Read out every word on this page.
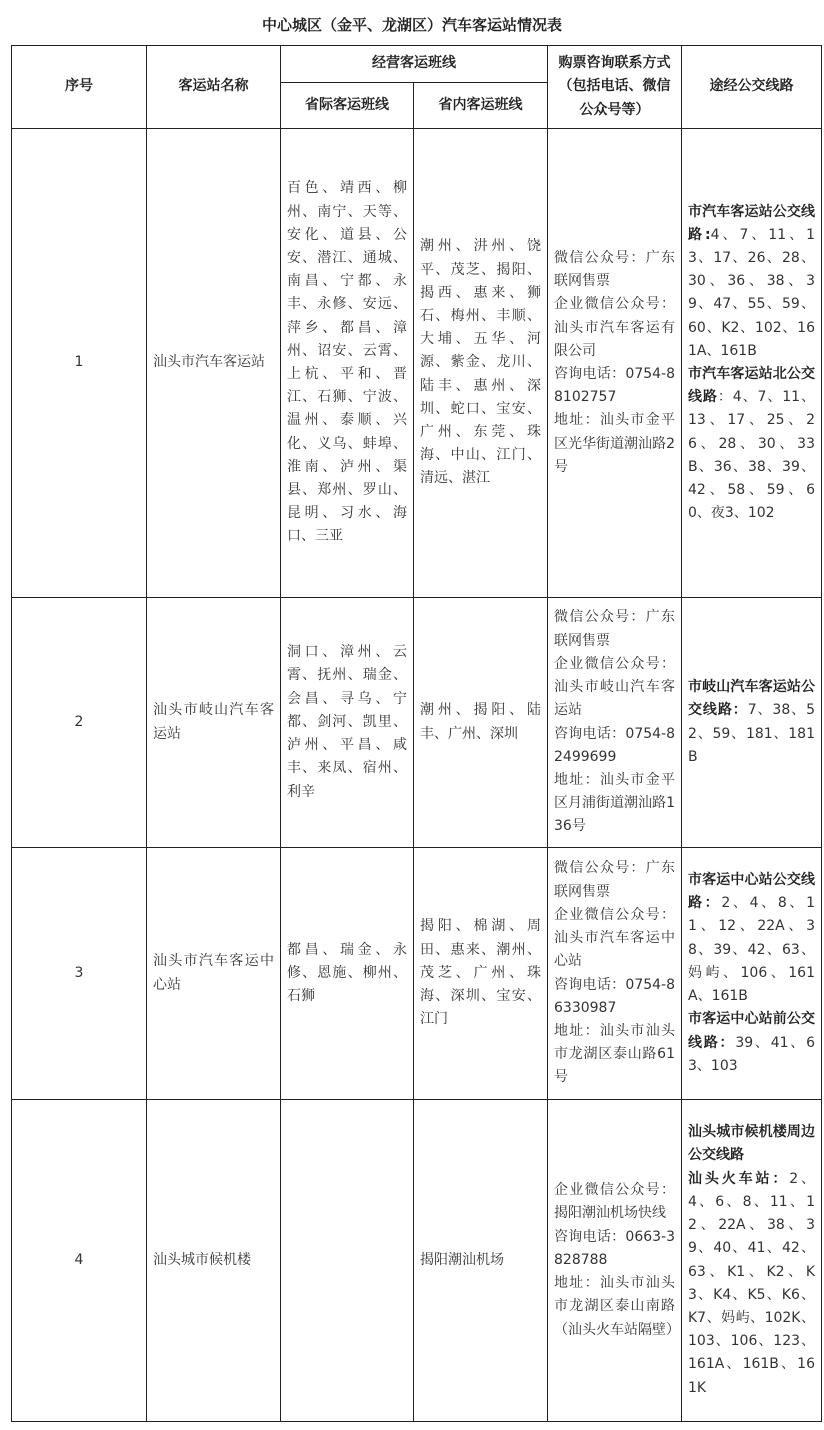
中心城区（金平、龙湖区）汽车客运站情况表
序号	客运站名称	经营客运班线		购票咨询联系方式（包括电话、微信公众号等）	途经公交线路
		省际客运班线	省内客运班线		
1	汕头市汽车客运站	百色、靖西、柳州、南宁、天等、安化、道县、公安、潜江、通城、南昌、宁都、永丰、永修、安远、萍乡、都昌、漳州、诏安、云霄、上杭、平和、晋江、石狮、宁波、温州、泰顺、兴化、义乌、蚌埠、淮南、泸州、渠县、郑州、罗山、昆明、习水、海口、三亚	潮州、汫州、饶平、茂芝、揭阳、揭西、惠来、狮石、梅州、丰顺、大埔、五华、河源、紫金、龙川、陆丰、惠州、深圳、蛇口、宝安、广州、东莞、珠海、中山、江门、清远、湛江	微信公众号：广东联网售票
企业微信公众号：汕头市汽车客运有限公司
咨询电话：0754-88102757
地址：汕头市金平区光华街道潮汕路2号	市汽车客运站公交线路:4、7、11、13、17、26、28、30、36、38、39、47、55、59、60、K2、102、161A、161B
市汽车客运站北公交线路：4、7、11、13、17、25、26、28、30、33B、36、38、39、42、58、59、60、夜3、102

2	汕头市岐山汽车客运站	洞口、漳州、云霄、抚州、瑞金、会昌、寻乌、宁都、剑河、凯里、泸州、平昌、咸丰、来凤、宿州、利辛	潮州、揭阳、陆丰、广州、深圳	微信公众号：广东联网售票
企业微信公众号：汕头市岐山汽车客运站
咨询电话：0754-82499699
地址：汕头市金平区月浦街道潮汕路136号	市岐山汽车客运站公交线路：7、38、52、59、181、181B

3	汕头市汽车客运中心站	都昌、瑞金、永修、恩施、柳州、石狮	揭阳、棉湖、周田、惠来、潮州、茂芝、广州、珠海、深圳、宝安、江门	微信公众号：广东联网售票
企业微信公众号：汕头市汽车客运中心站
咨询电话：0754-86330987
地址：汕头市汕头市龙湖区泰山路61号	市客运中心站公交线路：2、4、8、11、12、22A、38、39、42、63、妈屿、106、161A、161B
市客运中心站前公交线路：39、41、63、103

4	汕头城市候机楼		揭阳潮汕机场	企业微信公众号：揭阳潮汕机场快线
咨询电话：0663-3828788
地址：汕头市汕头市龙湖区泰山南路（汕头火车站隔壁）	汕头城市候机楼周边公交线路
汕头火车站：2、4、6、8、11、12、22A、38、39、40、41、42、63、K1、K2、K3、K4、K5、K6、K7、妈屿、102K、103、106、123、161A、161B、161K
